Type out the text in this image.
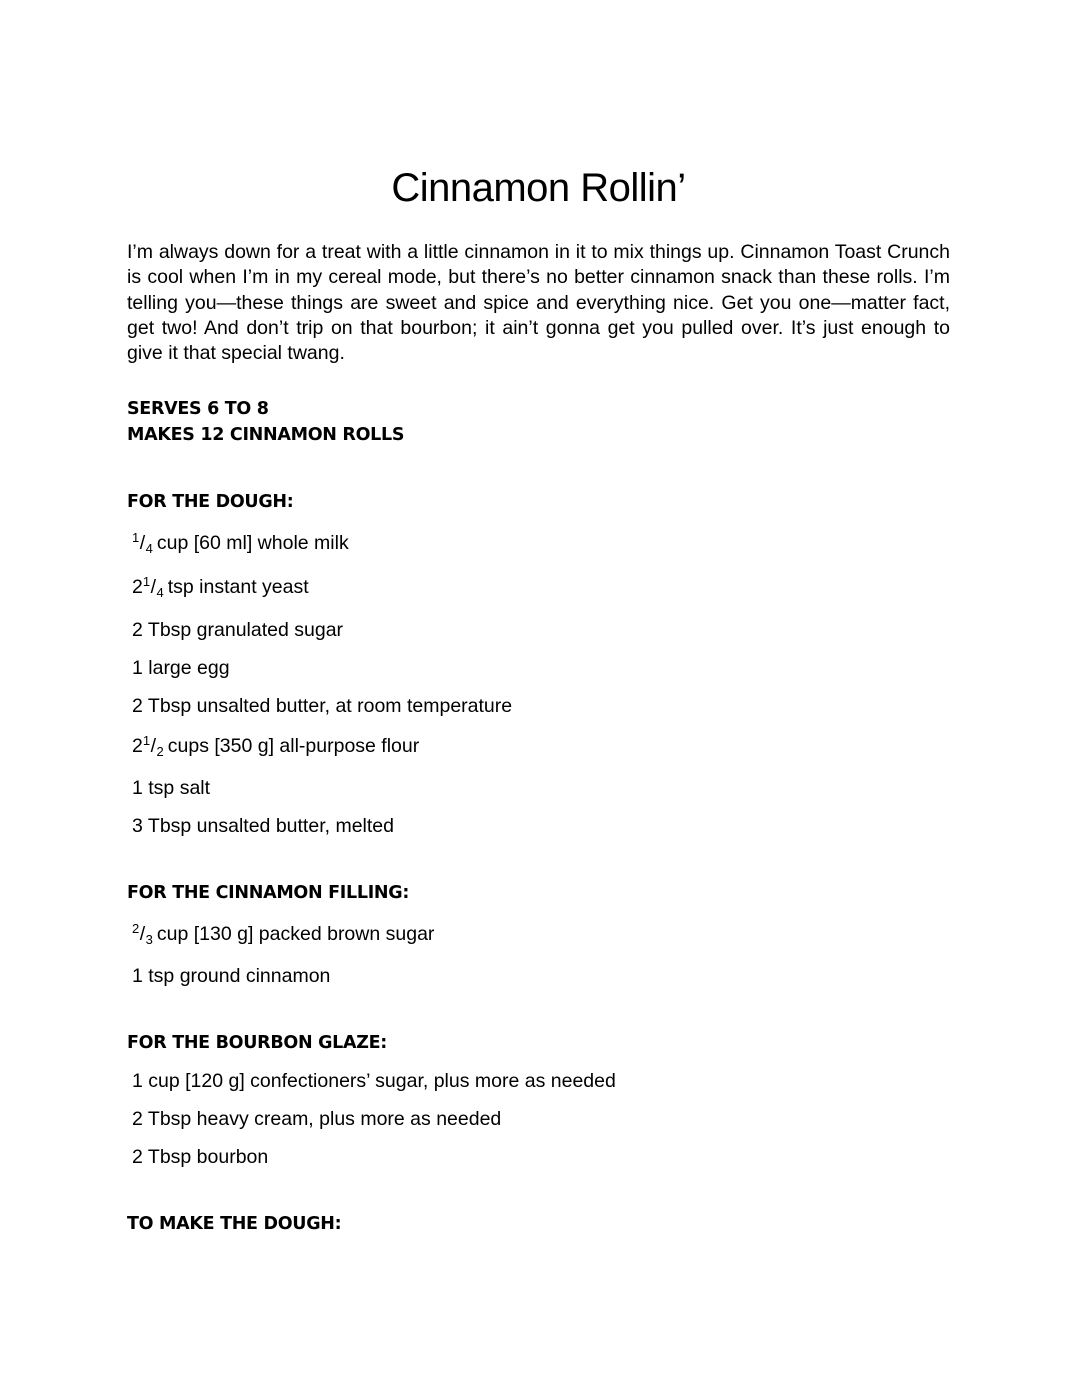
Cinnamon Rollin’

I’m always down for a treat with a little cinnamon in it to mix things up. Cinnamon Toast Crunch is cool when I’m in my cereal mode, but there’s no better cinnamon snack than these rolls. I’m telling you—these things are sweet and spice and everything nice. Get you one—matter fact, get two! And don’t trip on that bourbon; it ain’t gonna get you pulled over. It’s just enough to give it that special twang.

SERVES 6 TO 8

MAKES 12 CINNAMON ROLLS

FOR THE DOUGH:

$^1/_4$ cup [60 ml] whole milk

$2^1/_4$ tsp instant yeast

2 Tbsp granulated sugar

1 large egg

2 Tbsp unsalted butter, at room temperature

$2^1/_2$ cups [350 g] all-purpose flour

1 tsp salt

3 Tbsp unsalted butter, melted

FOR THE CINNAMON FILLING:

$^2/_3$ cup [130 g] packed brown sugar

1 tsp ground cinnamon

FOR THE BOURBON GLAZE:

1 cup [120 g] confectioners’ sugar, plus more as needed

2 Tbsp heavy cream, plus more as needed

2 Tbsp bourbon

TO MAKE THE DOUGH:
